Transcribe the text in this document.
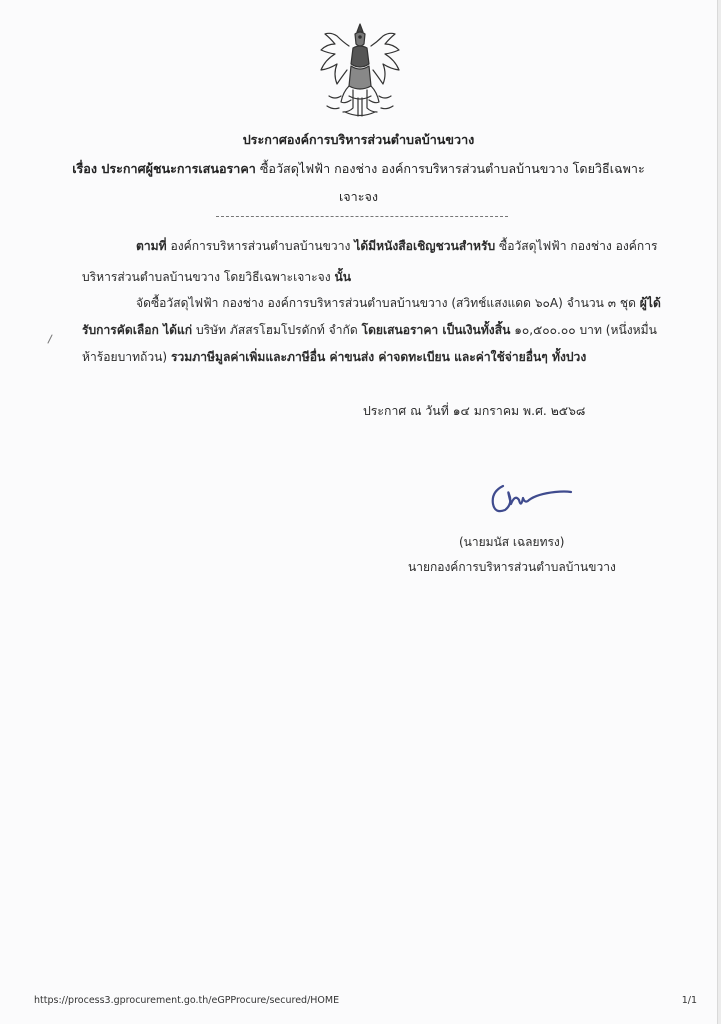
ประกาศองค์การบริหารส่วนตำบลบ้านขวาง
เรื่อง ประกาศผู้ชนะการเสนอราคา ซื้อวัสดุไฟฟ้า กองช่าง องค์การบริหารส่วนตำบลบ้านขวาง โดยวิธีเฉพาะ
เจาะจง
ตามที่ องค์การบริหารส่วนตำบลบ้านขวาง ได้มีหนังสือเชิญชวนสำหรับ ซื้อวัสดุไฟฟ้า กองช่าง องค์การ
บริหารส่วนตำบลบ้านขวาง โดยวิธีเฉพาะเจาะจง นั้น
จัดซื้อวัสดุไฟฟ้า กองช่าง องค์การบริหารส่วนตำบลบ้านขวาง (สวิทช์แสงแดด ๖๐A) จำนวน ๓ ชุด ผู้ได้
รับการคัดเลือก ได้แก่ บริษัท ภัสสรโฮมโปรดักท์ จำกัด โดยเสนอราคา เป็นเงินทั้งสิ้น ๑๐,๕๐๐.๐๐ บาท (หนึ่งหมื่น
ห้าร้อยบาทถ้วน) รวมภาษีมูลค่าเพิ่มและภาษีอื่น ค่าขนส่ง ค่าจดทะเบียน และค่าใช้จ่ายอื่นๆ ทั้งปวง
ประกาศ ณ วันที่ ๑๔ มกราคม พ.ศ. ๒๕๖๘
(นายมนัส เฉลยทรง)
นายกองค์การบริหารส่วนตำบลบ้านขวาง
https://process3.gprocurement.go.th/eGPProcure/secured/HOME	1/1
